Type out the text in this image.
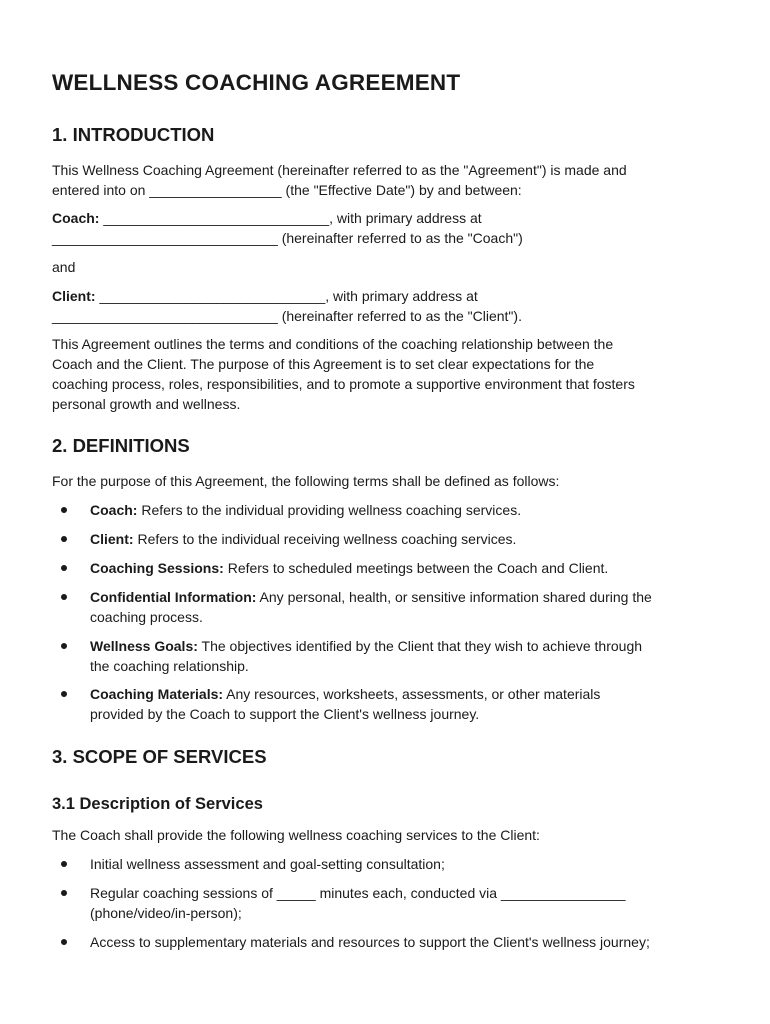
WELLNESS COACHING AGREEMENT
1. INTRODUCTION

This Wellness Coaching Agreement (hereinafter referred to as the "Agreement") is made and
entered into on _________________ (the "Effective Date") by and between:

Coach: _____________________________, with primary address at
_____________________________ (hereinafter referred to as the "Coach")

and

Client: _____________________________, with primary address at
_____________________________ (hereinafter referred to as the "Client").

This Agreement outlines the terms and conditions of the coaching relationship between the
Coach and the Client. The purpose of this Agreement is to set clear expectations for the
coaching process, roles, responsibilities, and to promote a supportive environment that fosters
personal growth and wellness.

2. DEFINITIONS

For the purpose of this Agreement, the following terms shall be defined as follows:

Coach: Refers to the individual providing wellness coaching services.
Client: Refers to the individual receiving wellness coaching services.
Coaching Sessions: Refers to scheduled meetings between the Coach and Client.
Confidential Information: Any personal, health, or sensitive information shared during the
coaching process.
Wellness Goals: The objectives identified by the Client that they wish to achieve through
the coaching relationship.
Coaching Materials: Any resources, worksheets, assessments, or other materials
provided by the Coach to support the Client's wellness journey.
3. SCOPE OF SERVICES
3.1 Description of Services

The Coach shall provide the following wellness coaching services to the Client:

Initial wellness assessment and goal-setting consultation;
Regular coaching sessions of _____ minutes each, conducted via ________________
(phone/video/in-person);
Access to supplementary materials and resources to support the Client's wellness journey;
